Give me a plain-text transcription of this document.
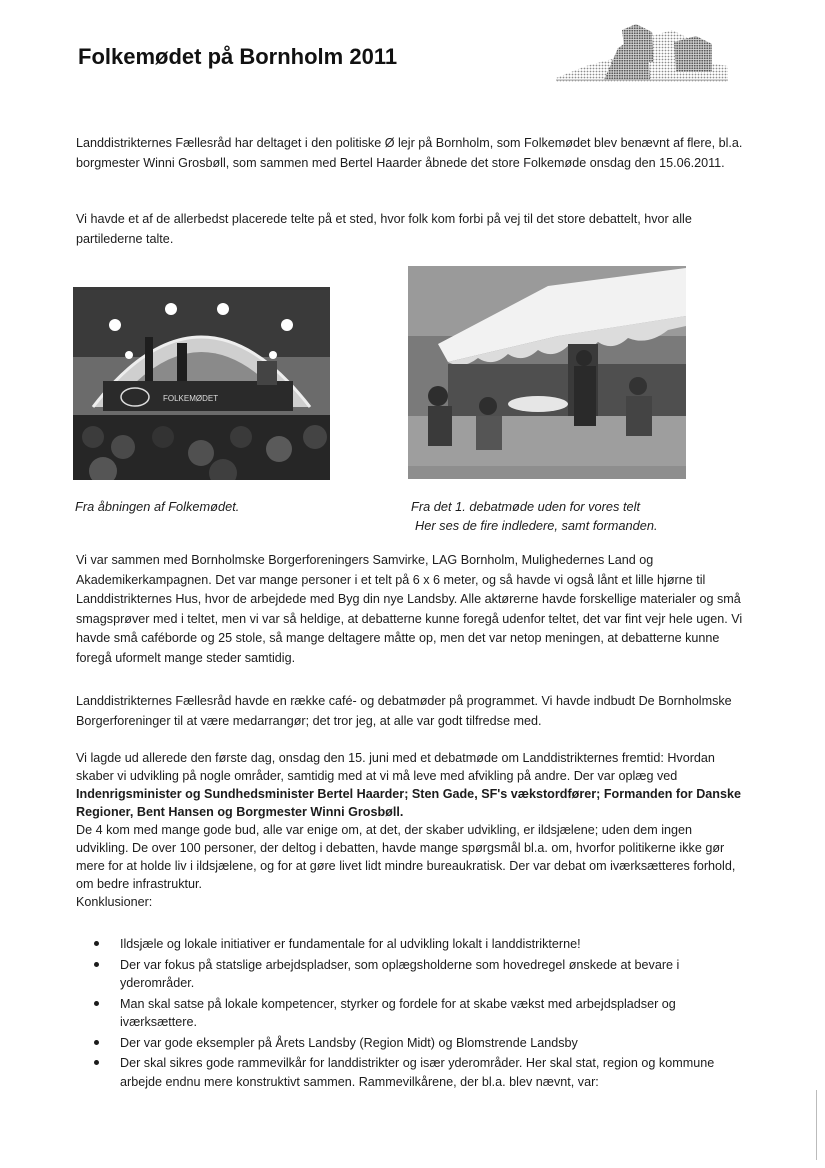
Folkemødet på Bornholm 2011

Landdistrikternes Fællesråd har deltaget i den politiske Ø lejr på Bornholm, som Folkemødet blev benævnt af flere, bl.a. borgmester Winni Grosbøll, som sammen med Bertel Haarder åbnede det store Folkemøde onsdag den 15.06.2011.

Vi havde et af de allerbedst placerede telte på et sted, hvor folk kom forbi på vej til det store debattelt, hvor alle partilederne talte.

FOLKEMØDET
Fra åbningen af Folkemødet.	Fra det 1. debatmøde uden for vores telt
Her ses de fire indledere, samt formanden.

Vi var sammen med Bornholmske Borgerforeningers Samvirke, LAG Bornholm, Mulighedernes Land og Akademikerkampagnen. Det var mange personer i et telt på 6 x 6 meter, og så havde vi også lånt et lille hjørne til Landdistrikternes Hus, hvor de arbejdede med Byg din nye Landsby. Alle aktørerne havde forskellige materialer og små smagsprøver med i teltet, men vi var så heldige, at debatterne kunne foregå udenfor teltet, det var fint vejr hele ugen. Vi havde små caféborde og 25 stole, så mange deltagere måtte op, men det var netop meningen, at debatterne kunne foregå uformelt mange steder samtidig.

Landdistrikternes Fællesråd havde en række café- og debatmøder på programmet. Vi havde indbudt De Bornholmske Borgerforeninger til at være medarrangør; det tror jeg, at alle var godt tilfredse med.

Vi lagde ud allerede den første dag, onsdag den 15. juni med et debatmøde om Landdistrikternes fremtid: Hvordan skaber vi udvikling på nogle områder, samtidig med at vi må leve med afvikling på andre. Der var oplæg ved Indenrigsminister og Sundhedsminister Bertel Haarder; Sten Gade, SF's vækstordfører; Formanden for Danske Regioner, Bent Hansen og Borgmester Winni Grosbøll.
De 4 kom med mange gode bud, alle var enige om, at det, der skaber udvikling, er ildsjælene; uden dem ingen udvikling. De over 100 personer, der deltog i debatten, havde mange spørgsmål bl.a. om, hvorfor politikerne ikke gør mere for at holde liv i ildsjælene, og for at gøre livet lidt mindre bureaukratisk. Der var debat om iværksætteres forhold, om bedre infrastruktur.
Konklusioner:

Ildsjæle og lokale initiativer er fundamentale for al udvikling lokalt i landdistrikterne!
Der var fokus på statslige arbejdspladser, som oplægsholderne som hovedregel ønskede at bevare i yderområder.
Man skal satse på lokale kompetencer, styrker og fordele for at skabe vækst med arbejdspladser og iværksættere.
Der var gode eksempler på Årets Landsby (Region Midt) og Blomstrende Landsby
Der skal sikres gode rammevilkår for landdistrikter og især yderområder. Her skal stat, region og kommune arbejde endnu mere konstruktivt sammen. Rammevilkårene, der bl.a. blev nævnt, var:
